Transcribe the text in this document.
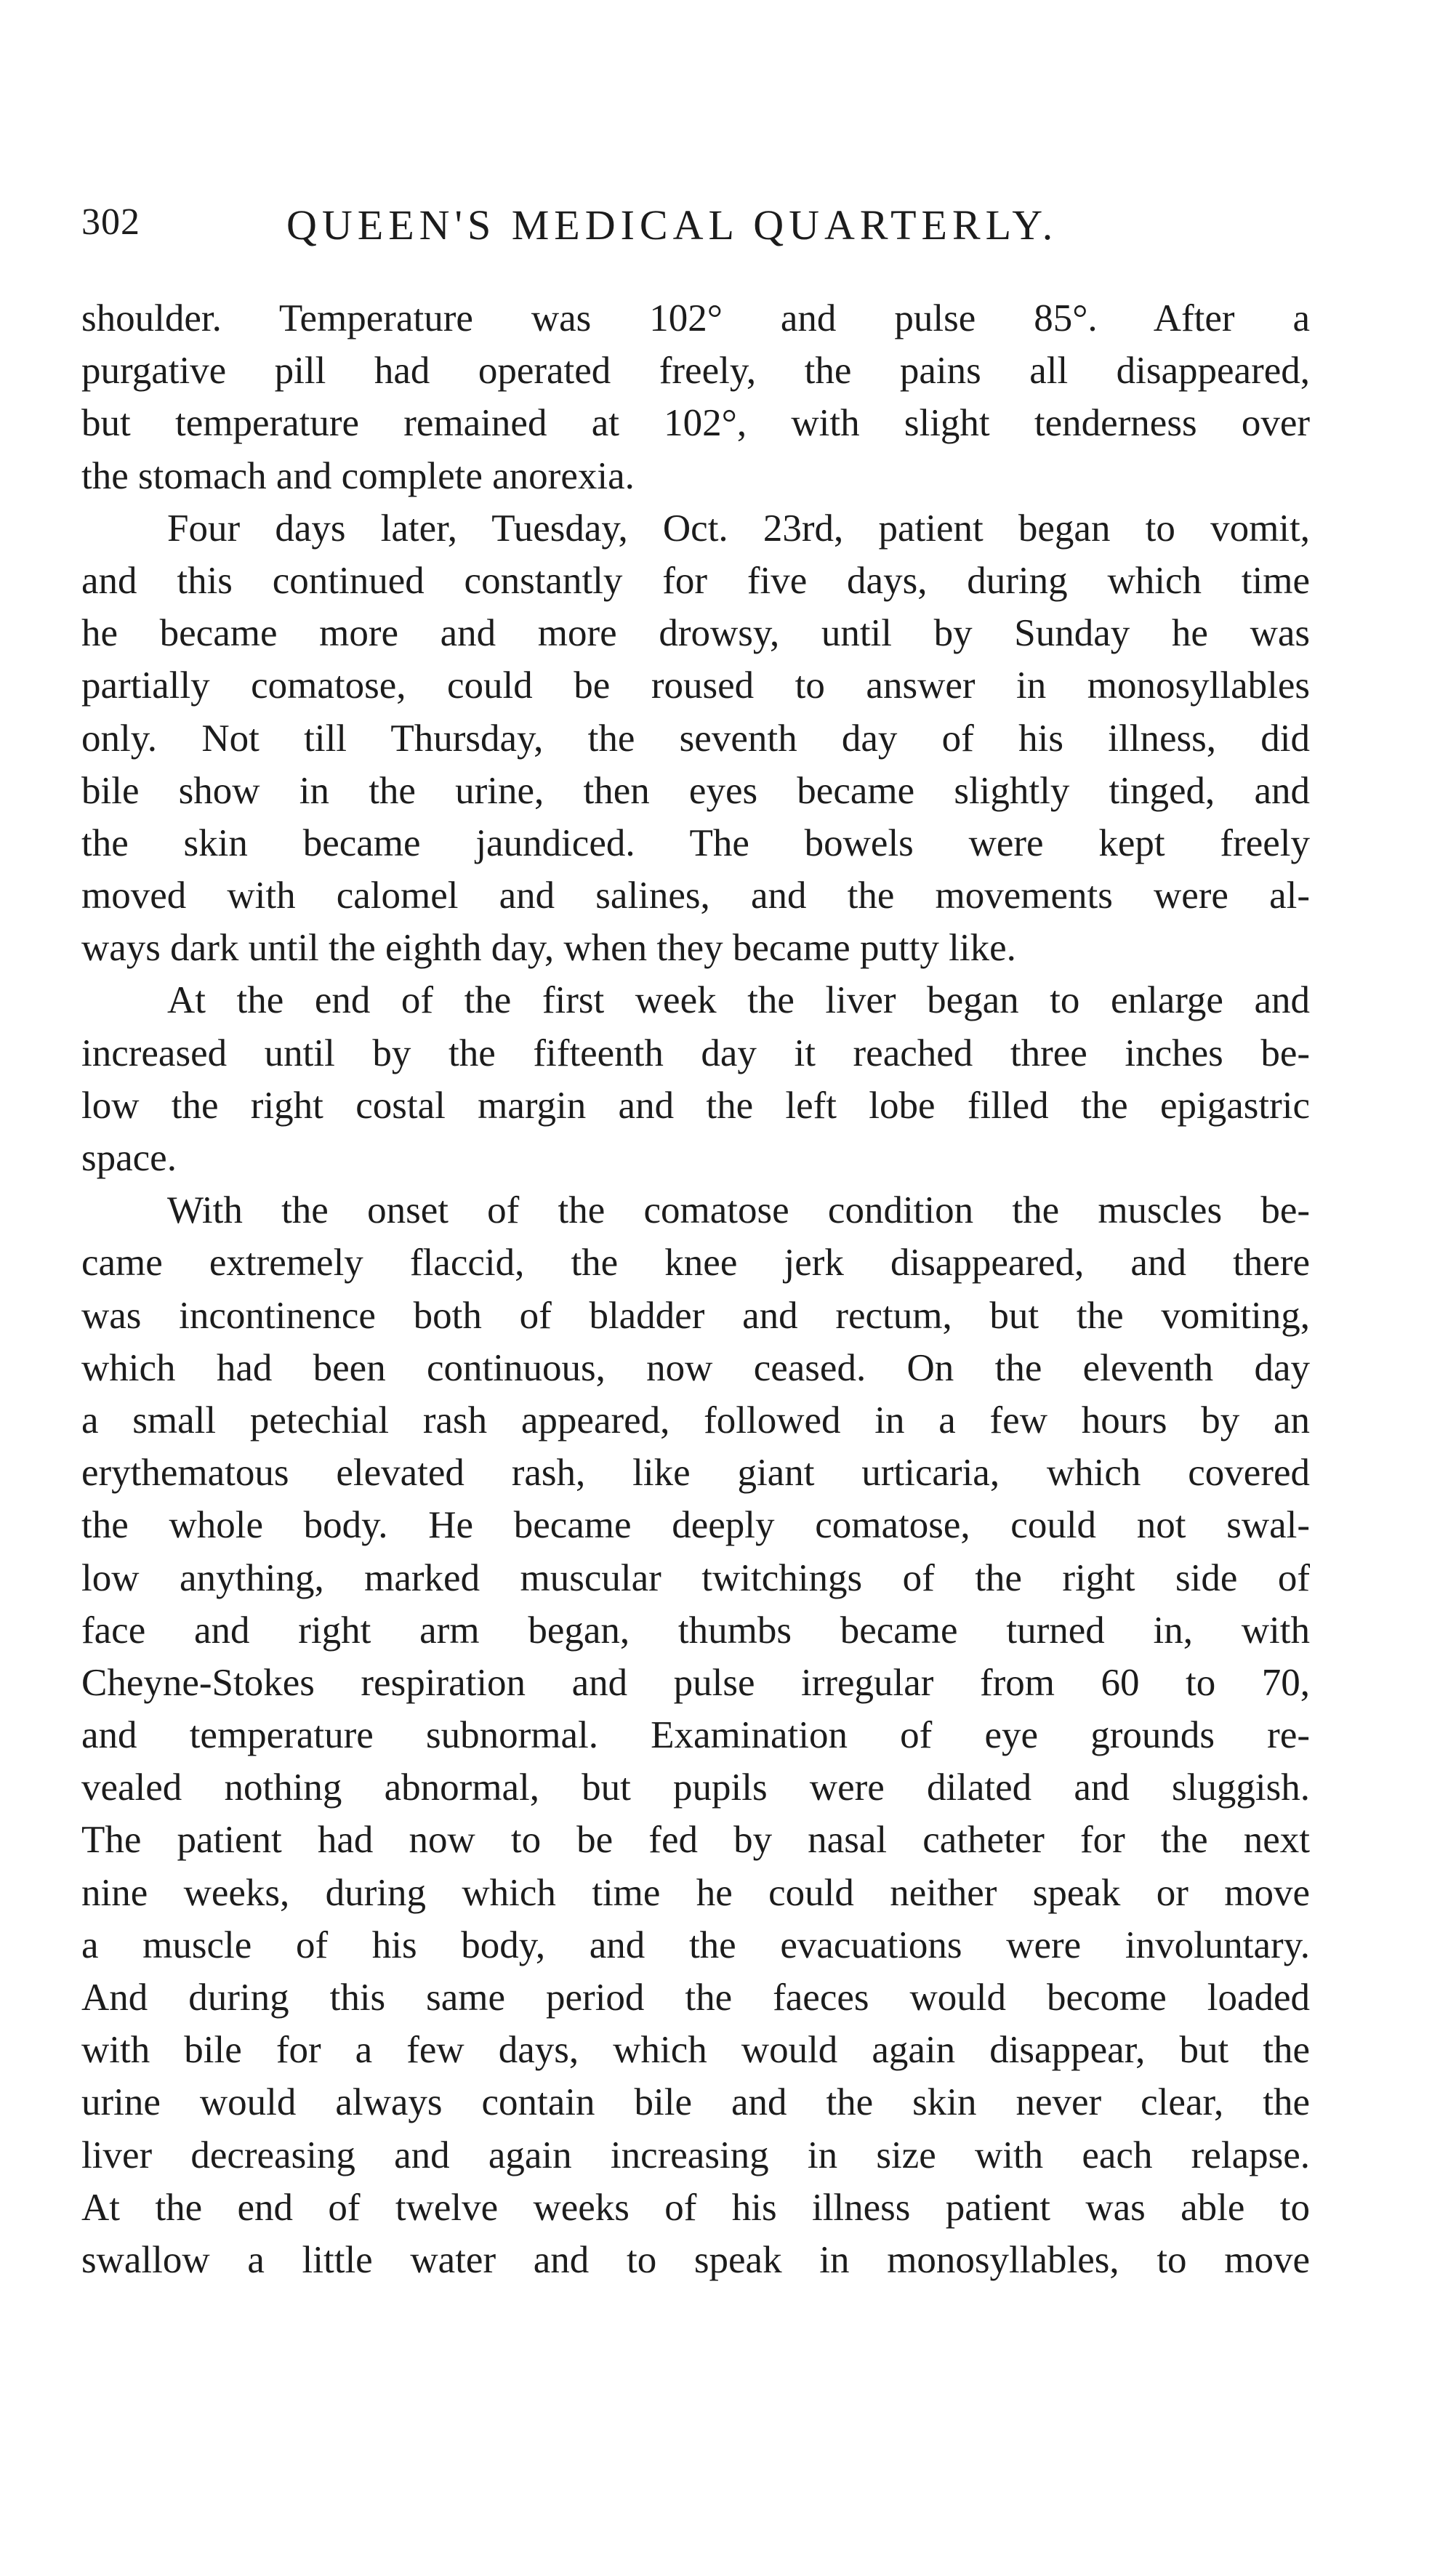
302	QUEEN'S MEDICAL QUARTERLY.
shoulder. Temperature was 102° and pulse 85°. After a
purgative pill had operated freely, the pains all disappeared,
but temperature remained at 102°, with slight tenderness over
the stomach and complete anorexia.
Four days later, Tuesday, Oct. 23rd, patient began to vomit,
and this continued constantly for five days, during which time
he became more and more drowsy, until by Sunday he was
partially comatose, could be roused to answer in monosyllables
only. Not till Thursday, the seventh day of his illness, did
bile show in the urine, then eyes became slightly tinged, and
the skin became jaundiced. The bowels were kept freely
moved with calomel and salines, and the movements were al-
ways dark until the eighth day, when they became putty like.
At the end of the first week the liver began to enlarge and
increased until by the fifteenth day it reached three inches be-
low the right costal margin and the left lobe filled the epigastric
space.
With the onset of the comatose condition the muscles be-
came extremely flaccid, the knee jerk disappeared, and there
was incontinence both of bladder and rectum, but the vomiting,
which had been continuous, now ceased. On the eleventh day
a small petechial rash appeared, followed in a few hours by an
erythematous elevated rash, like giant urticaria, which covered
the whole body. He became deeply comatose, could not swal-
low anything, marked muscular twitchings of the right side of
face and right arm began, thumbs became turned in, with
Cheyne-Stokes respiration and pulse irregular from 60 to 70,
and temperature subnormal. Examination of eye grounds re-
vealed nothing abnormal, but pupils were dilated and sluggish.
The patient had now to be fed by nasal catheter for the next
nine weeks, during which time he could neither speak or move
a muscle of his body, and the evacuations were involuntary.
And during this same period the faeces would become loaded
with bile for a few days, which would again disappear, but the
urine would always contain bile and the skin never clear, the
liver decreasing and again increasing in size with each relapse.
At the end of twelve weeks of his illness patient was able to
swallow a little water and to speak in monosyllables, to move
